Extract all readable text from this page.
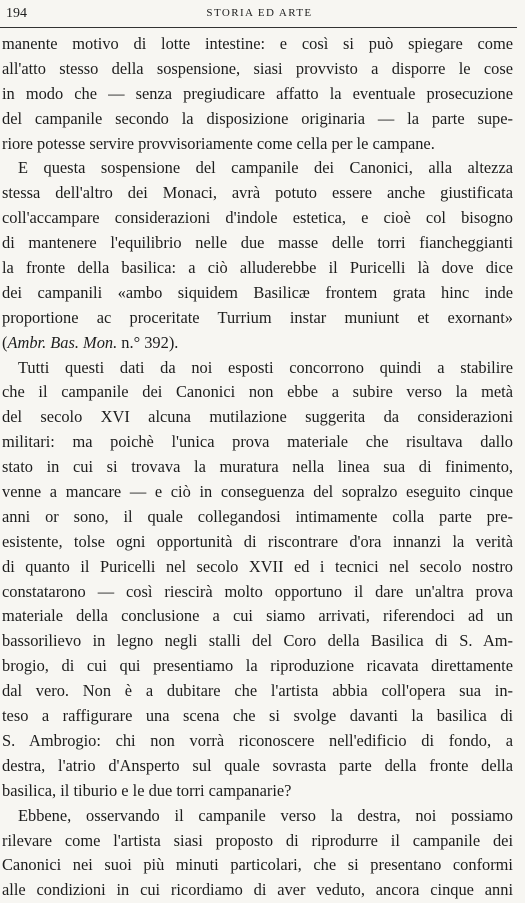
194	STORIA ED ARTE
manente motivo di lotte intestine: e così si può spiegare come
all'atto stesso della sospensione, siasi provvisto a disporre le cose
in modo che — senza pregiudicare affatto la eventuale prosecuzione
del campanile secondo la disposizione originaria — la parte supe-
riore potesse servire provvisoriamente come cella per le campane.
E questa sospensione del campanile dei Canonici, alla altezza
stessa dell'altro dei Monaci, avrà potuto essere anche giustificata
coll'accampare considerazioni d'indole estetica, e cioè col bisogno
di mantenere l'equilibrio nelle due masse delle torri fiancheggianti
la fronte della basilica: a ciò alluderebbe il Puricelli là dove dice
dei campanili «ambo siquidem Basilicæ frontem grata hinc inde
proportione ac proceritate Turrium instar muniunt et exornant»
(Ambr. Bas. Mon. n.° 392).
Tutti questi dati da noi esposti concorrono quindi a stabilire
che il campanile dei Canonici non ebbe a subire verso la metà
del secolo XVI alcuna mutilazione suggerita da considerazioni
militari: ma poichè l'unica prova materiale che risultava dallo
stato in cui si trovava la muratura nella linea sua di finimento,
venne a mancare — e ciò in conseguenza del sopralzo eseguito cinque
anni or sono, il quale collegandosi intimamente colla parte pre-
esistente, tolse ogni opportunità di riscontrare d'ora innanzi la verità
di quanto il Puricelli nel secolo XVII ed i tecnici nel secolo nostro
constatarono — così riescirà molto opportuno il dare un'altra prova
materiale della conclusione a cui siamo arrivati, riferendoci ad un
bassorilievo in legno negli stalli del Coro della Basilica di S. Am-
brogio, di cui qui presentiamo la riproduzione ricavata direttamente
dal vero. Non è a dubitare che l'artista abbia coll'opera sua in-
teso a raffigurare una scena che si svolge davanti la basilica di
S. Ambrogio: chi non vorrà riconoscere nell'edificio di fondo, a
destra, l'atrio d'Ansperto sul quale sovrasta parte della fronte della
basilica, il tiburio e le due torri campanarie?
Ebbene, osservando il campanile verso la destra, noi possiamo
rilevare come l'artista siasi proposto di riprodurre il campanile dei
Canonici nei suoi più minuti particolari, che si presentano conformi
alle condizioni in cui ricordiamo di aver veduto, ancora cinque anni
